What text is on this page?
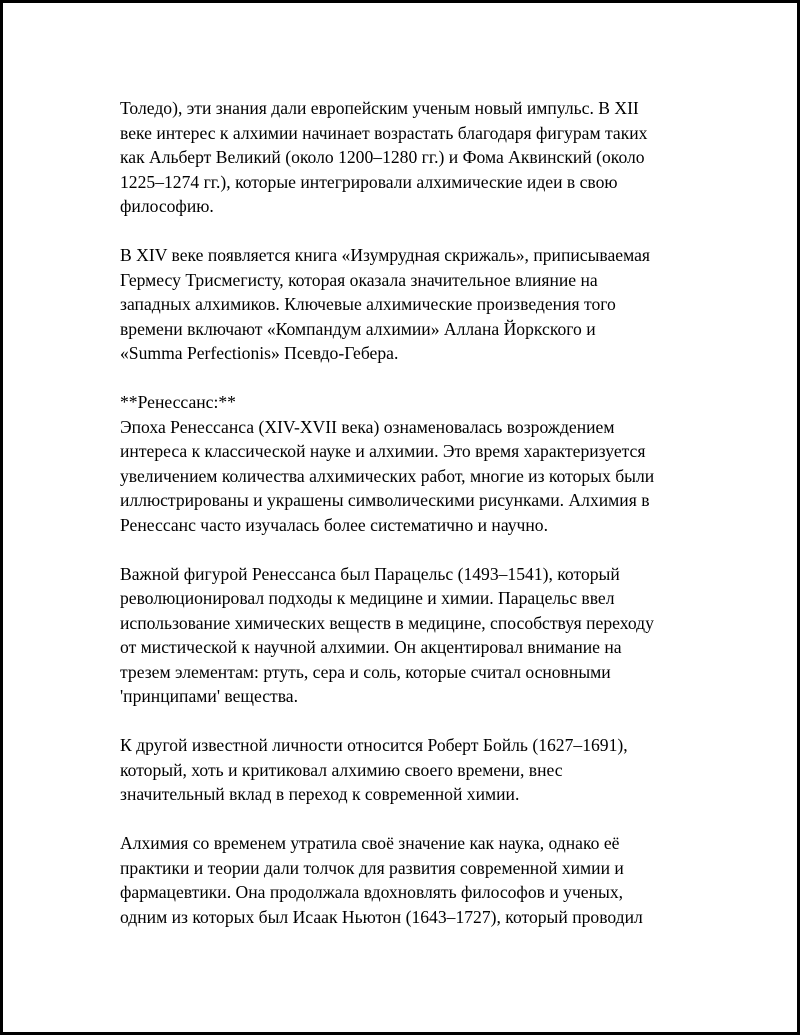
Толедо), эти знания дали европейским ученым новый импульс. В XII
веке интерес к алхимии начинает возрастать благодаря фигурам таких
как Альберт Великий (около 1200–1280 гг.) и Фома Аквинский (около
1225–1274 гг.), которые интегрировали алхимические идеи в свою
философию.

В XIV веке появляется книга «Изумрудная скрижаль», приписываемая
Гермесу Трисмегисту, которая оказала значительное влияние на
западных алхимиков. Ключевые алхимические произведения того
времени включают «Компандум алхимии» Аллана Йоркского и
«Summa Perfectionis» Псевдо-Гебера.

**Ренессанс:**
Эпоха Ренессанса (XIV-XVII века) ознаменовалась возрождением
интереса к классической науке и алхимии. Это время характеризуется
увеличением количества алхимических работ, многие из которых были
иллюстрированы и украшены символическими рисунками. Алхимия в
Ренессанс часто изучалась более систематично и научно.

Важной фигурой Ренессанса был Парацельс (1493–1541), который
революционировал подходы к медицине и химии. Парацельс ввел
использование химических веществ в медицине, способствуя переходу
от мистической к научной алхимии. Он акцентировал внимание на
трезем элементам: ртуть, сера и соль, которые считал основными
'принципами' вещества.

К другой известной личности относится Роберт Бойль (1627–1691),
который, хоть и критиковал алхимию своего времени, внес
значительный вклад в переход к современной химии.

Алхимия со временем утратила своё значение как наука, однако её
практики и теории дали толчок для развития современной химии и
фармацевтики. Она продолжала вдохновлять философов и ученых,
одним из которых был Исаак Ньютон (1643–1727), который проводил
